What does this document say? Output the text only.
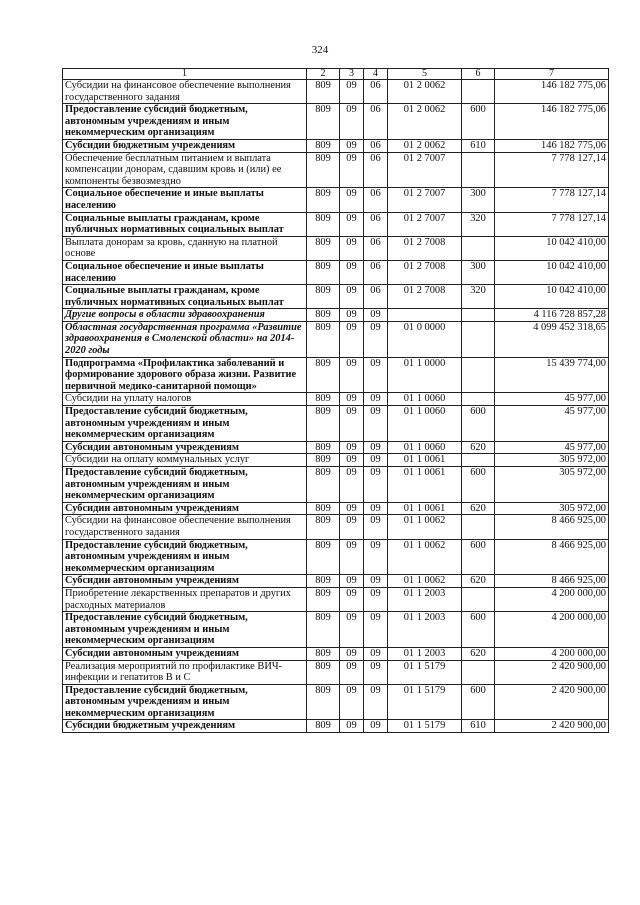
324
1	2	3	4	5	6	7
Субсидии на финансовое обеспечение выполнения государственного задания	809	09	06	01 2 0062		146 182 775,06
Предоставление субсидий бюджетным, автономным учреждениям и иным некоммерческим организациям	809	09	06	01 2 0062	600	146 182 775,06
Субсидии бюджетным учреждениям	809	09	06	01 2 0062	610	146 182 775,06
Обеспечение бесплатным питанием и выплата компенсации донорам, сдавшим кровь и (или) ее компоненты безвозмездно	809	09	06	01 2 7007		7 778 127,14
Социальное обеспечение и иные выплаты населению	809	09	06	01 2 7007	300	7 778 127,14
Социальные выплаты гражданам, кроме публичных нормативных социальных выплат	809	09	06	01 2 7007	320	7 778 127,14
Выплата донорам за кровь, сданную на платной основе	809	09	06	01 2 7008		10 042 410,00
Социальное обеспечение и иные выплаты населению	809	09	06	01 2 7008	300	10 042 410,00
Социальные выплаты гражданам, кроме публичных нормативных социальных выплат	809	09	06	01 2 7008	320	10 042 410,00
Другие вопросы в области здравоохранения	809	09	09			4 116 728 857,28
Областная государственная программа «Развитие здравоохранения в Смоленской области» на 2014-2020 годы	809	09	09	01 0 0000		4 099 452 318,65
Подпрограмма «Профилактика заболеваний и формирование здорового образа жизни. Развитие первичной медико-санитарной помощи»	809	09	09	01 1 0000		15 439 774,00
Субсидии на уплату налогов	809	09	09	01 1 0060		45 977,00
Предоставление субсидий бюджетным, автономным учреждениям и иным некоммерческим организациям	809	09	09	01 1 0060	600	45 977,00
Субсидии автономным учреждениям	809	09	09	01 1 0060	620	45 977,00
Субсидии на оплату коммунальных услуг	809	09	09	01 1 0061		305 972,00
Предоставление субсидий бюджетным, автономным учреждениям и иным некоммерческим организациям	809	09	09	01 1 0061	600	305 972,00
Субсидии автономным учреждениям	809	09	09	01 1 0061	620	305 972,00
Субсидии на финансовое обеспечение выполнения государственного задания	809	09	09	01 1 0062		8 466 925,00
Предоставление субсидий бюджетным, автономным учреждениям и иным некоммерческим организациям	809	09	09	01 1 0062	600	8 466 925,00
Субсидии автономным учреждениям	809	09	09	01 1 0062	620	8 466 925,00
Приобретение лекарственных препаратов и других расходных материалов	809	09	09	01 1 2003		4 200 000,00
Предоставление субсидий бюджетным, автономным учреждениям и иным некоммерческим организациям	809	09	09	01 1 2003	600	4 200 000,00
Субсидии автономным учреждениям	809	09	09	01 1 2003	620	4 200 000,00
Реализация мероприятий по профилактике ВИЧ-инфекции и гепатитов В и С	809	09	09	01 1 5179		2 420 900,00
Предоставление субсидий бюджетным, автономным учреждениям и иным некоммерческим организациям	809	09	09	01 1 5179	600	2 420 900,00
Субсидии бюджетным учреждениям	809	09	09	01 1 5179	610	2 420 900,00
